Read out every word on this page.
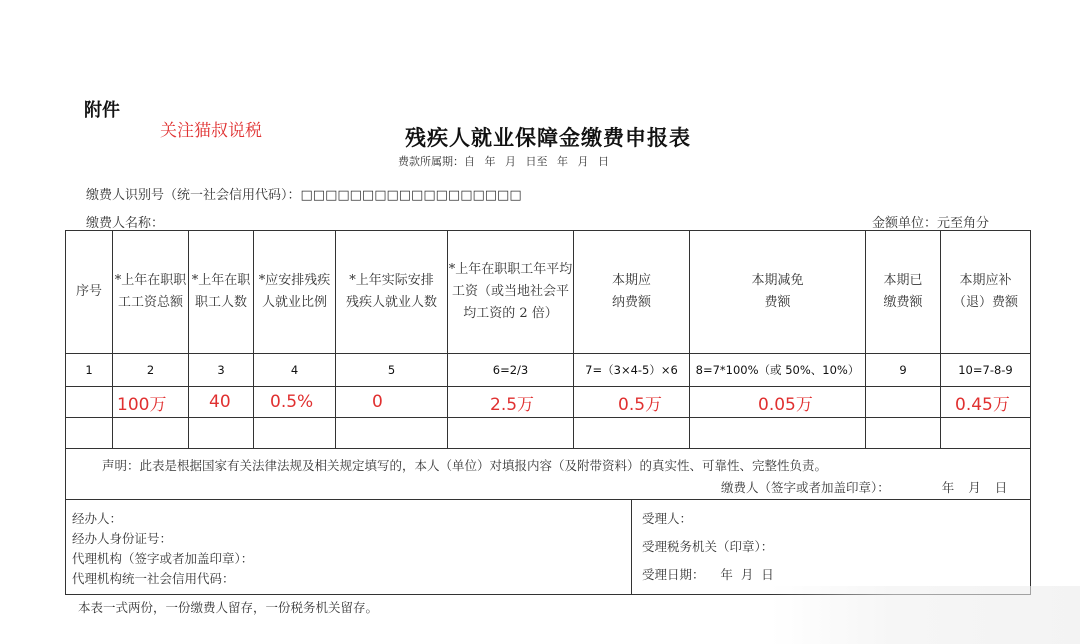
附件
关注猫叔说税	残疾人就业保障金缴费申报表
费款所属期：自 年 月 日至 年 月 日
缴费人识别号（统一社会信用代码）：□□□□□□□□□□□□□□□□□□
缴费人名称：	金额单位：元至角分
序号	*上年在职职工工资总额	*上年在职职工人数	*应安排残疾人就业比例	*上年实际安排残疾人就业人数	*上年在职职工年平均工资（或当地社会平均工资的 2 倍）	本期应纳费额	本期减免费额	本期已缴费额	本期应补（退）费额
1	2	3	4	5	6=2/3	7=（3×4-5）×6	8=7*100%（或 50%、10%）	9	10=7-8-9
	100万	40	0.5%	0	2.5万	0.5万	0.05万		0.45万

声明：此表是根据国家有关法律法规及相关规定填写的，本人（单位）对填报内容（及附带资料）的真实性、可靠性、完整性负责。
缴费人（签字或者加盖印章）： 年 月 日									
经办人：
经办人身份证号：
代理机构（签字或者加盖印章）：
代理机构统一社会信用代码：

受理人：
受理税务机关（印章）：
受理日期：    年  月  日
本表一式两份，一份缴费人留存，一份税务机关留存。
